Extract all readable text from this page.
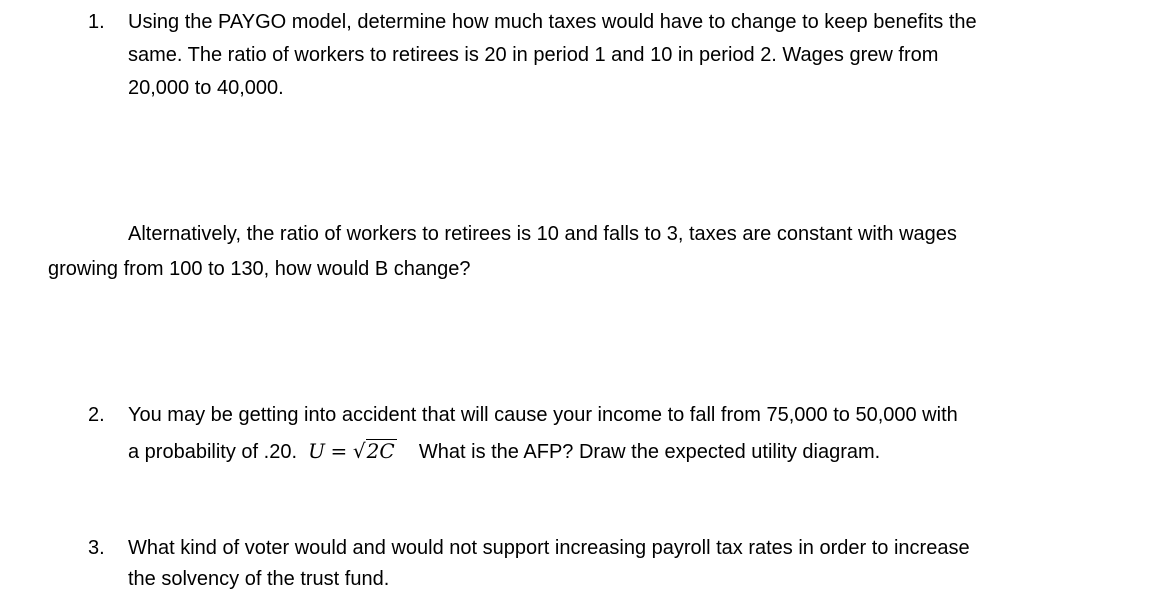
1. Using the PAYGO model, determine how much taxes would have to change to keep benefits the
same. The ratio of workers to retirees is 20 in period 1 and 10 in period 2. Wages grew from
20,000 to 40,000.
Alternatively, the ratio of workers to retirees is 10 and falls to 3, taxes are constant with wages
growing from 100 to 130, how would B change?
2. You may be getting into accident that will cause your income to fall from 75,000 to 50,000 with
a probability of .20. U = √2C What is the AFP? Draw the expected utility diagram.
3. What kind of voter would and would not support increasing payroll tax rates in order to increase
the solvency of the trust fund.
